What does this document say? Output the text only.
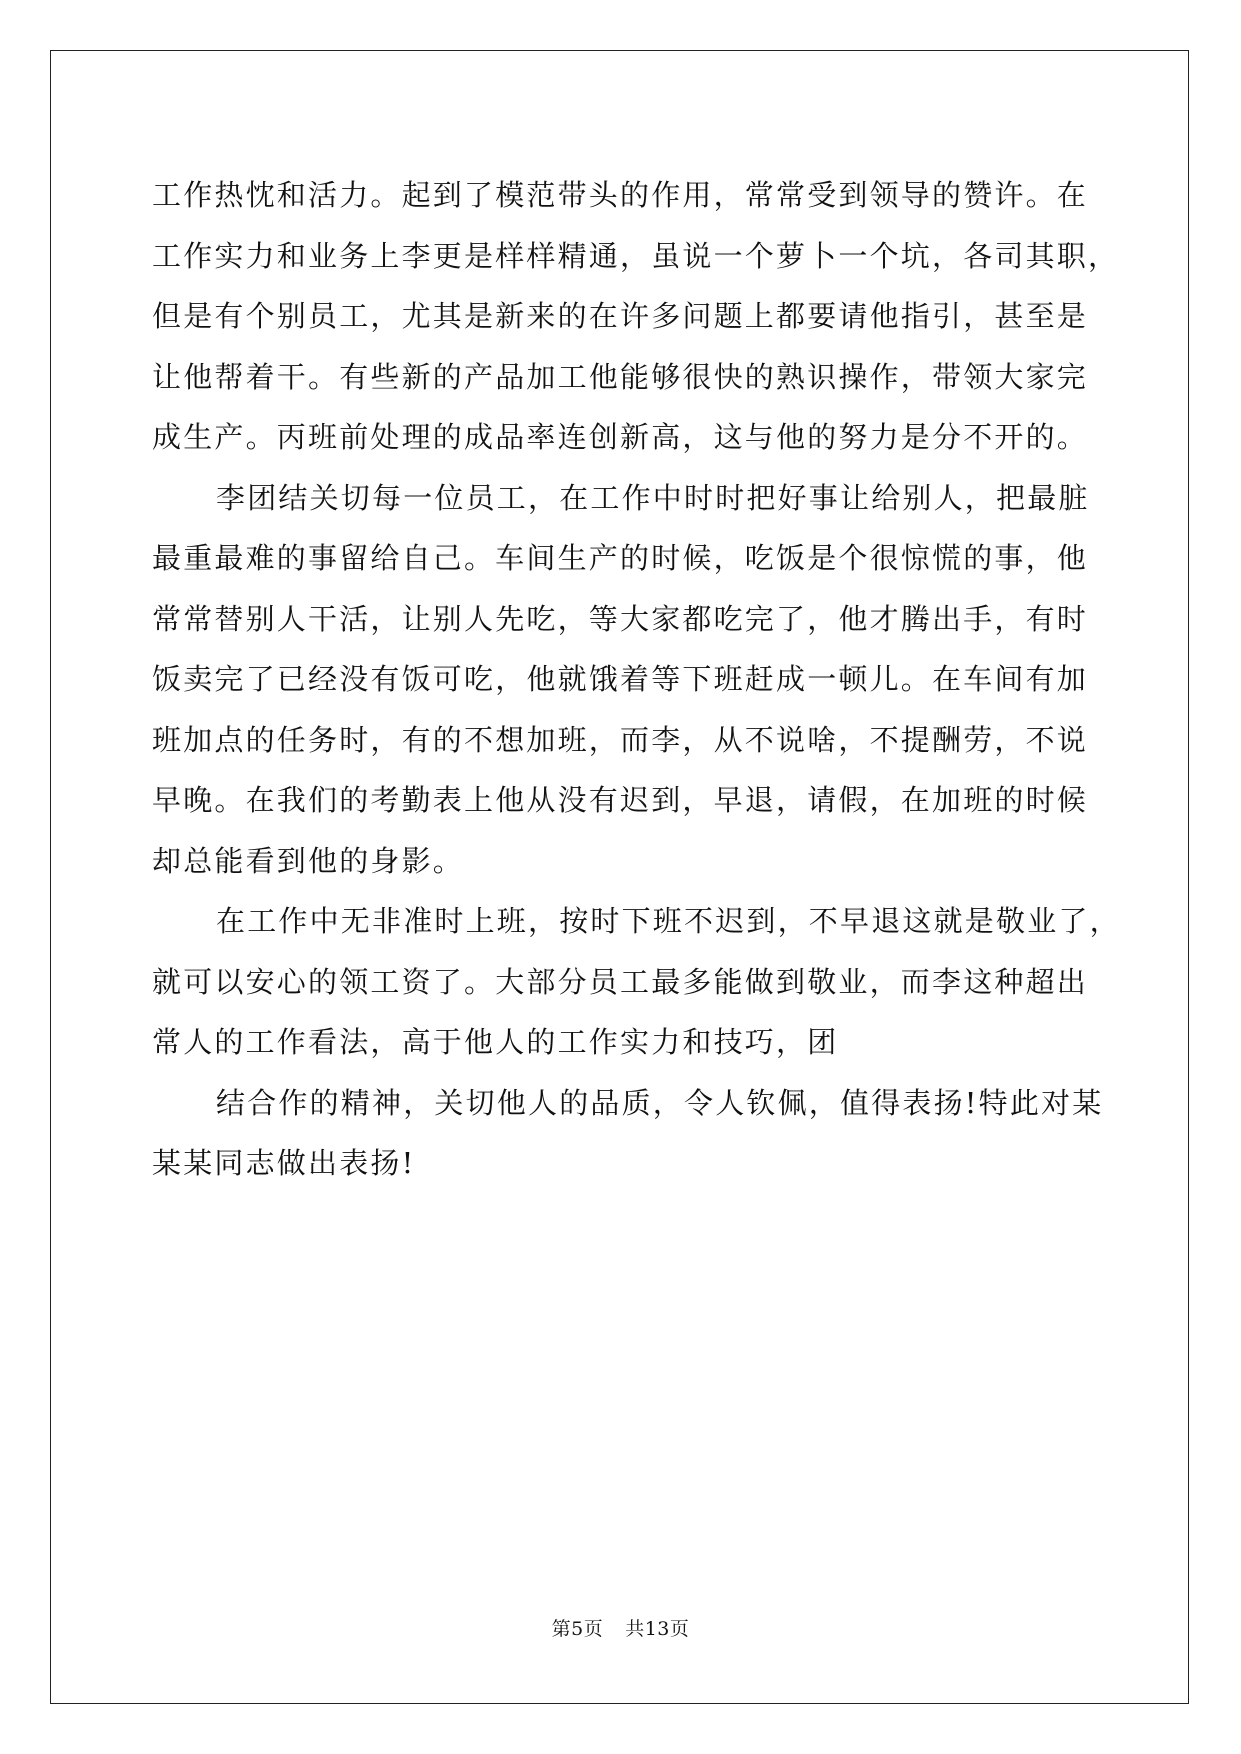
工作热忱和活力。起到了模范带头的作用，常常受到领导的赞许。在
工作实力和业务上李更是样样精通，虽说一个萝卜一个坑，各司其职，
但是有个别员工，尤其是新来的在许多问题上都要请他指引，甚至是
让他帮着干。有些新的产品加工他能够很快的熟识操作，带领大家完
成生产。丙班前处理的成品率连创新高，这与他的努力是分不开的。
李团结关切每一位员工，在工作中时时把好事让给别人，把最脏
最重最难的事留给自己。车间生产的时候，吃饭是个很惊慌的事，他
常常替别人干活，让别人先吃，等大家都吃完了，他才腾出手，有时
饭卖完了已经没有饭可吃，他就饿着等下班赶成一顿儿。在车间有加
班加点的任务时，有的不想加班，而李，从不说啥，不提酬劳，不说
早晚。在我们的考勤表上他从没有迟到，早退，请假，在加班的时候
却总能看到他的身影。
在工作中无非准时上班，按时下班不迟到，不早退这就是敬业了，
就可以安心的领工资了。大部分员工最多能做到敬业，而李这种超出
常人的工作看法，高于他人的工作实力和技巧，团
结合作的精神，关切他人的品质，令人钦佩，值得表扬!特此对某
某某同志做出表扬!
第5页 共13页
